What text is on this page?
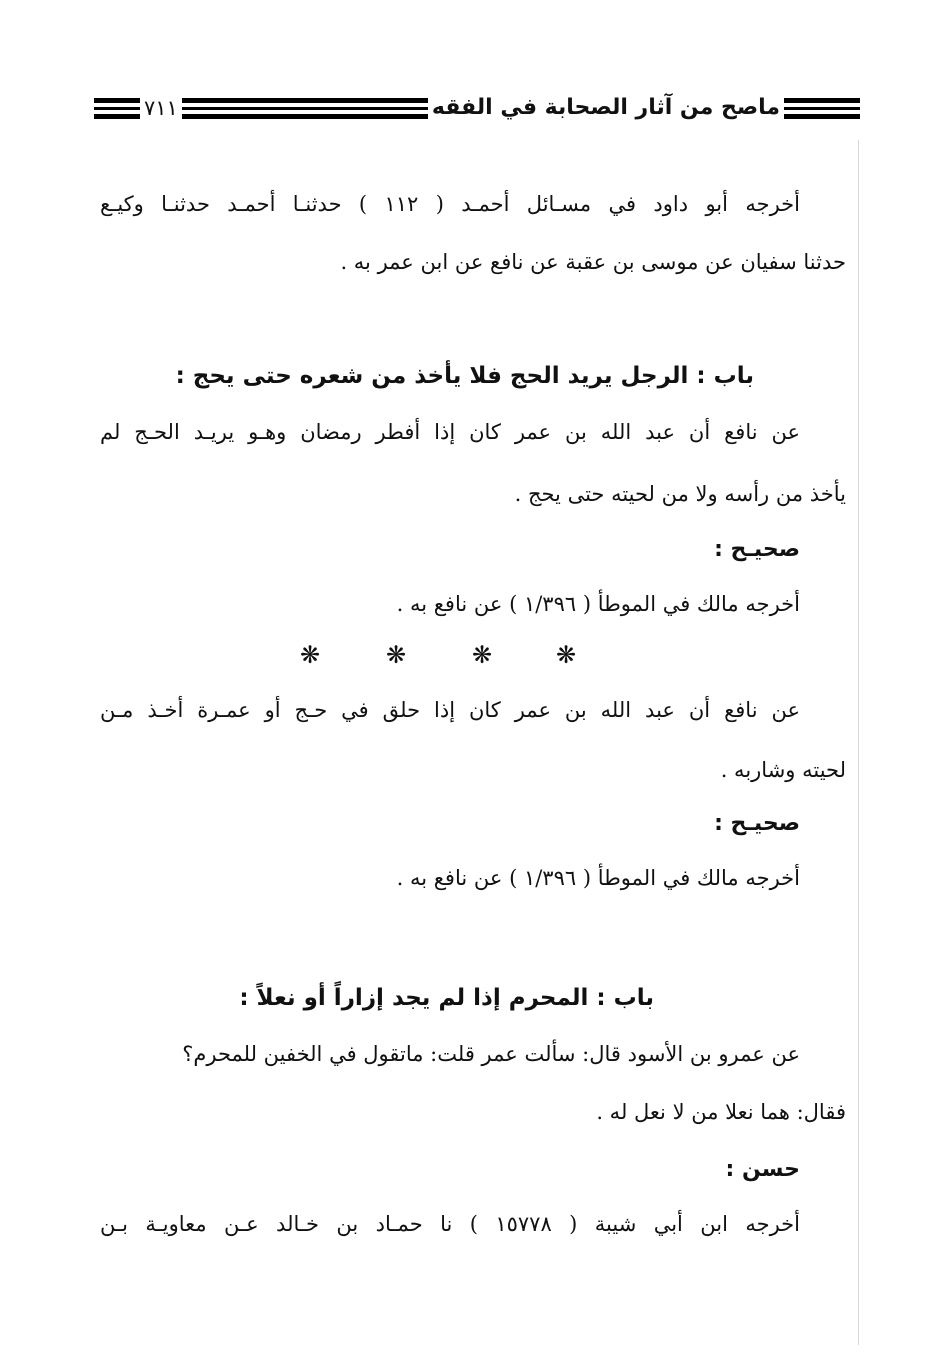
ماصح من آثار الصحابة في الفقه
٧١١
أخرجه أبو داود في مسـائل أحمـد ( ١١٢ ) حدثنـا أحمـد حدثنـا وكيـع
حدثنا سفيان عن موسى بن عقبة عن نافع عن ابن عمر به .
باب : الرجل يريد الحج فلا يأخذ من شعره حتى يحج :
عن نافع أن عبد الله بن عمر كان إذا أفطر رمضان وهـو يريـد الحـج لم
يأخذ من رأسه ولا من لحيته حتى يحج .
صحيـح :
أخرجه مالك في الموطأ ( ١/٣٩٦ ) عن نافع به .
❋	❋	❋	❋
عن نافع أن عبد الله بن عمر كان إذا حلق في حـج أو عمـرة أخـذ مـن
لحيته وشاربه .
صحيـح :
أخرجه مالك في الموطأ ( ١/٣٩٦ ) عن نافع به .
باب : المحرم إذا لم يجد إزاراً أو نعلاً :
عن عمرو بن الأسود قال: سألت عمر قلت: ماتقول في الخفين للمحرم؟
فقال: هما نعلا من لا نعل له .
حسن :
أخرجه ابن أبي شيبة ( ١٥٧٧٨ ) نا حمـاد بن خـالد عـن معاويـة بـن
